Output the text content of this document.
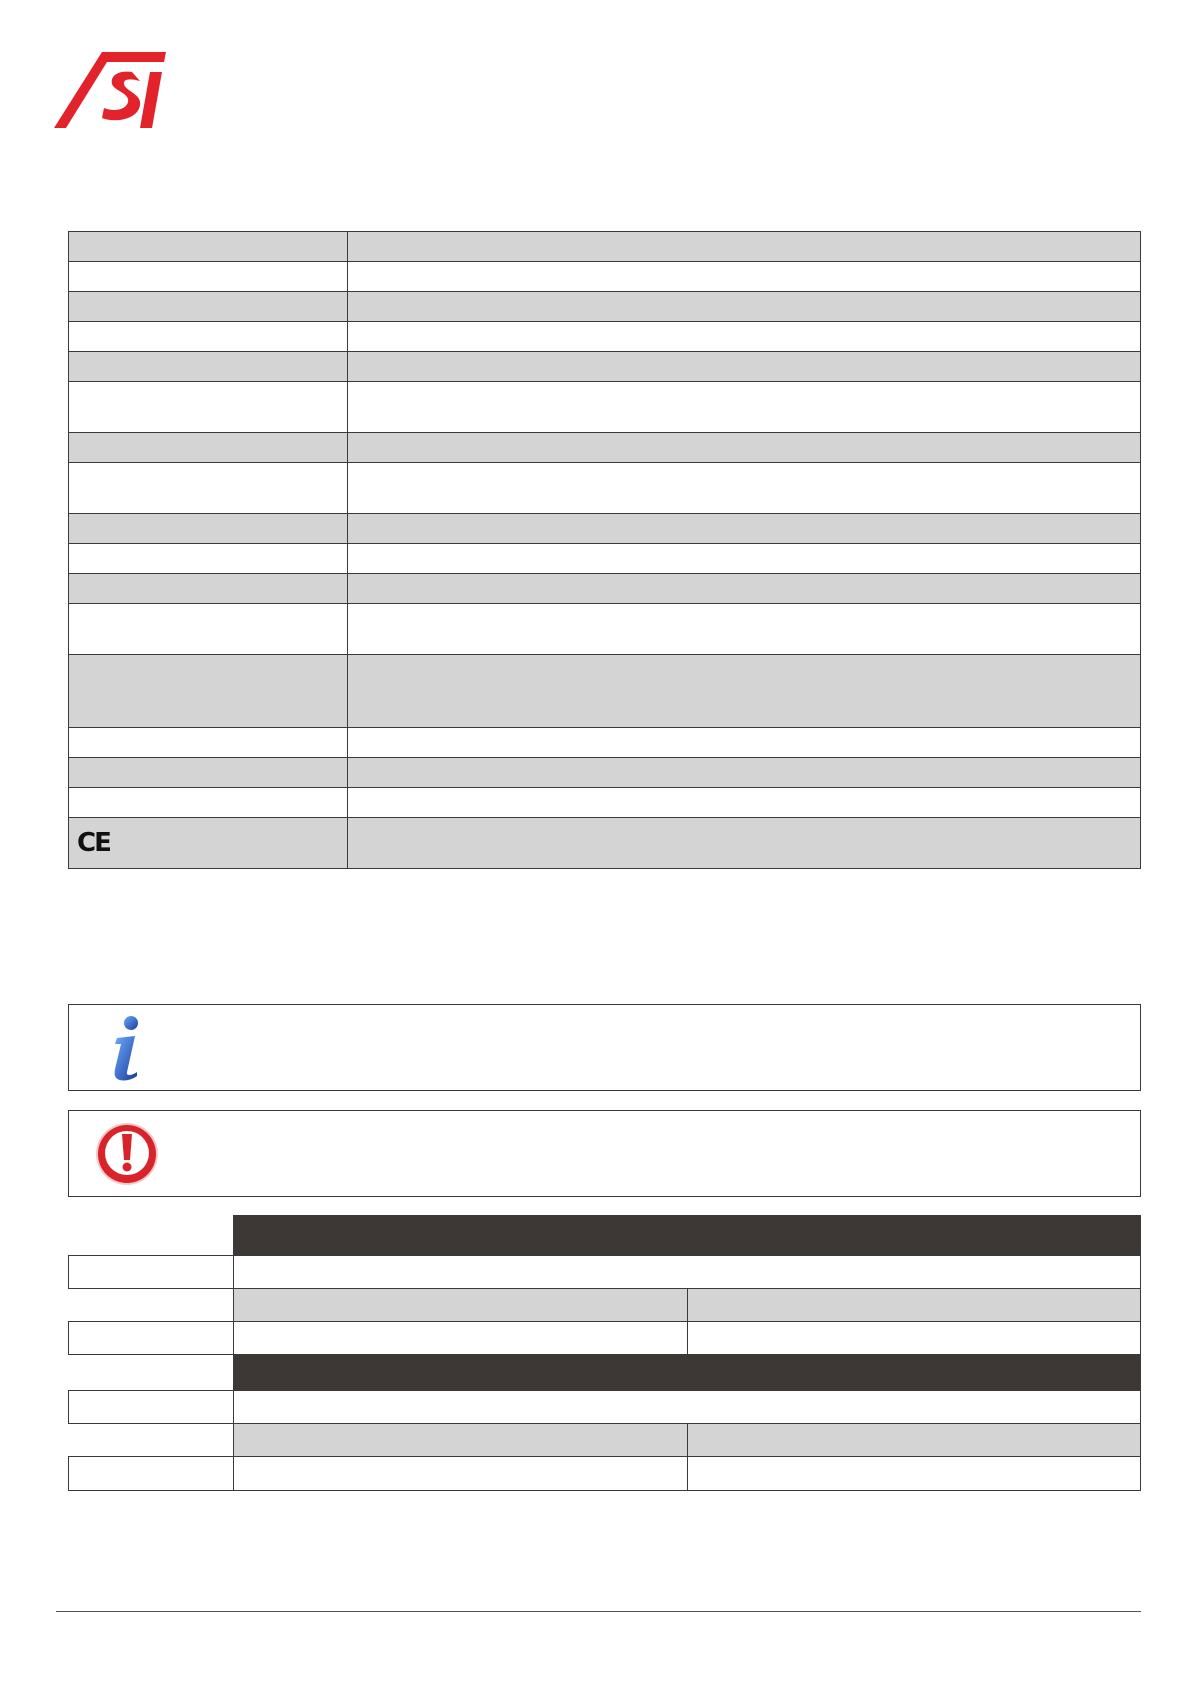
CE	
